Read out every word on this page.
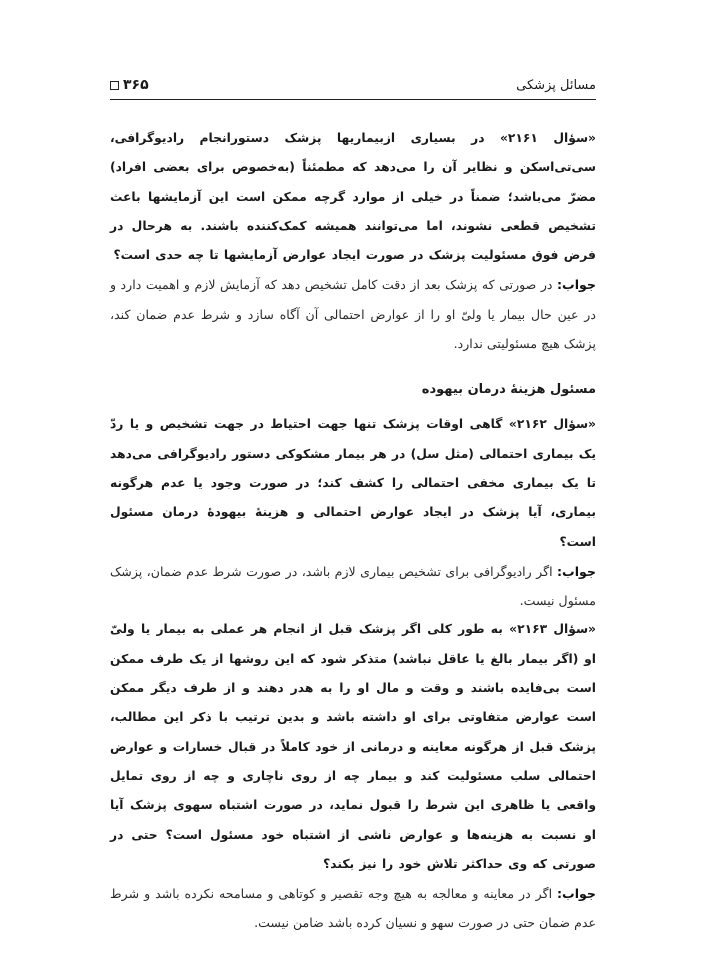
مسائل پزشکی
۳۶۵

«سؤال ۲۱۶۱» در بسیاری ازبیماریها پزشک دستورانجام رادیوگرافی، سی‌تی‌اسکن و نظایر آن را می‌دهد که مطمئناً (به‌خصوص برای بعضی افراد) مضرّ می‌باشد؛ ضمناً در خیلی از موارد گرچه ممکن است این آزمایشها باعث تشخیص قطعی نشوند، اما می‌توانند همیشه کمک‌کننده باشند. به هرحال در فرض فوق مسئولیت پزشک در صورت ایجاد عوارض آزمایشها تا چه حدی است؟

جواب: در صورتی که پزشک بعد از دقت کامل تشخیص دهد که آزمایش لازم و اهمیت دارد و در عین حال بیمار یا ولیّ او را از عوارض احتمالی آن آگاه سازد و شرط عدم ضمان کند، پزشک هیچ مسئولیتی ندارد.

مسئول هزینهٔ درمان بیهوده

«سؤال ۲۱۶۲» گاهی اوقات پزشک تنها جهت احتیاط در جهت تشخیص و یا ردّ یک بیماری احتمالی (مثل سل) در هر بیمار مشکوکی دستور رادیوگرافی می‌دهد تا یک بیماری مخفی احتمالی را کشف کند؛ در صورت وجود یا عدم هرگونه بیماری، آیا پزشک در ایجاد عوارض احتمالی و هزینهٔ بیهودهٔ درمان مسئول است؟

جواب: اگر رادیوگرافی برای تشخیص بیماری لازم باشد، در صورت شرط عدم ضمان، پزشک مسئول نیست.

«سؤال ۲۱۶۳» به طور کلی اگر پزشک قبل از انجام هر عملی به بیمار یا ولیّ او (اگر بیمار بالغ یا عاقل نباشد) متذکر شود که این روشها از یک طرف ممکن است بی‌فایده باشند و وقت و مال او را به هدر دهند و از طرف دیگر ممکن است عوارض متفاوتی برای او داشته باشد و بدین ترتیب با ذکر این مطالب، پزشک قبل از هرگونه معاینه و درمانی از خود کاملاً در قبال خسارات و عوارض احتمالی سلب مسئولیت کند و بیمار چه از روی ناچاری و چه از روی تمایل واقعی یا ظاهری این شرط را قبول نماید، در صورت اشتباه سهوی پزشک آیا او نسبت به هزینه‌ها و عوارض ناشی از اشتباه خود مسئول است؟ حتی در صورتی که وی حداکثر تلاش خود را نیز بکند؟

جواب: اگر در معاینه و معالجه به هیچ وجه تقصیر و کوتاهی و مسامحه نکرده باشد و شرط عدم ضمان حتی در صورت سهو و نسیان کرده باشد ضامن نیست.
